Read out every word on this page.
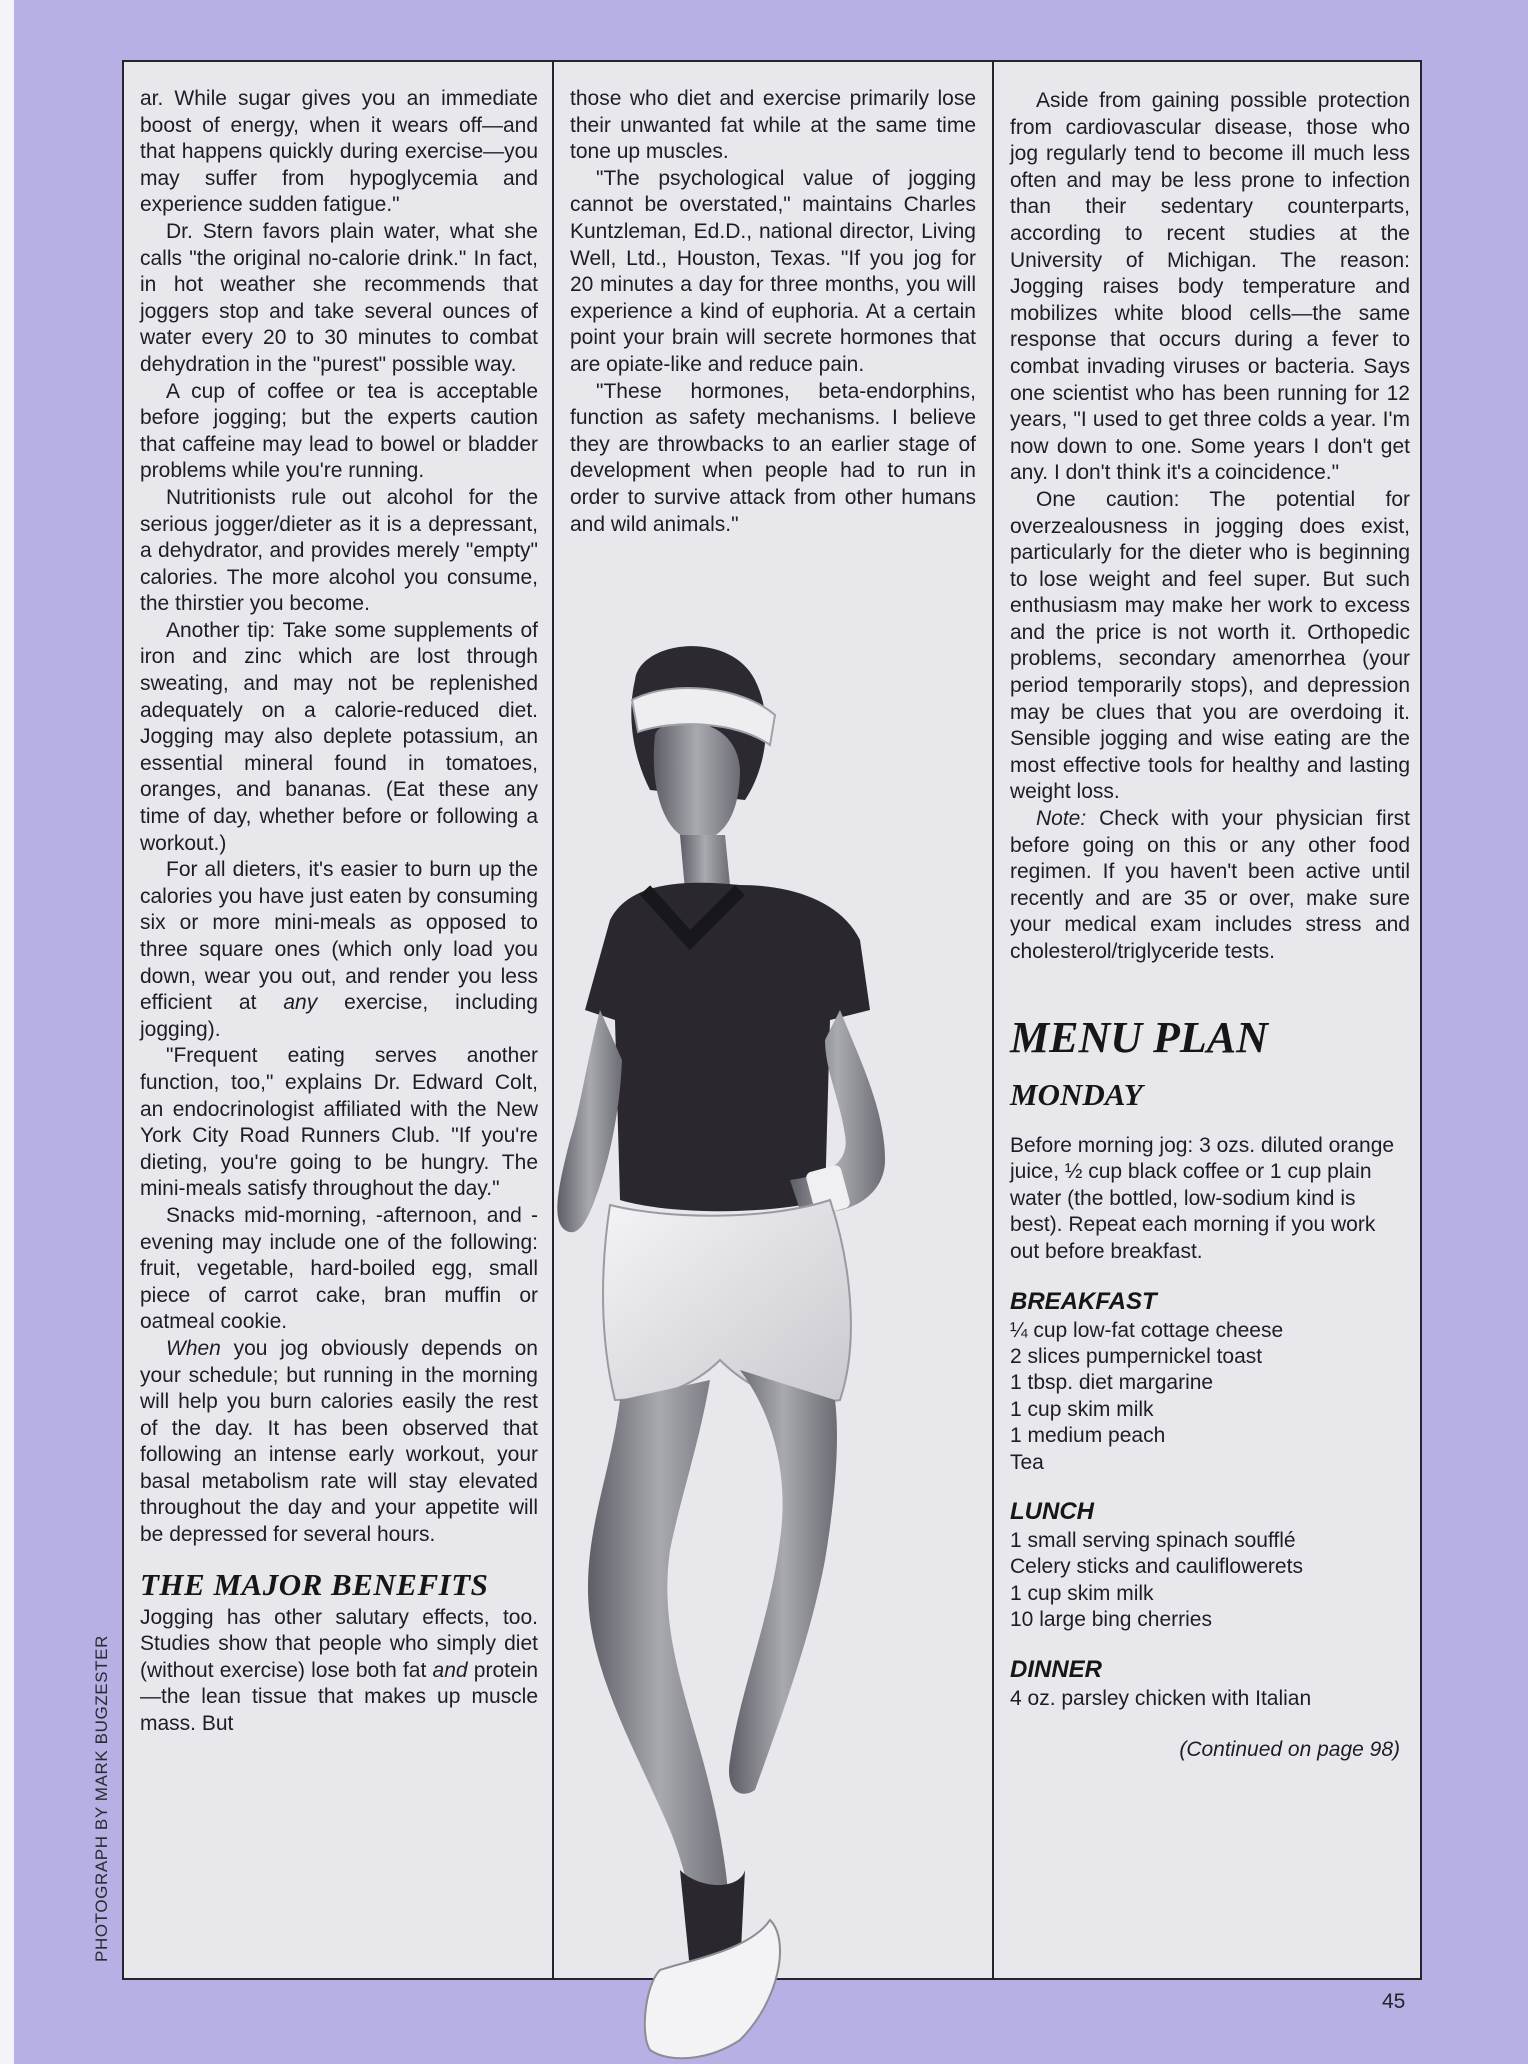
ar. While sugar gives you an immediate boost of energy, when it wears off—and that happens quickly during exercise—you may suffer from hypoglycemia and experience sudden fatigue."

Dr. Stern favors plain water, what she calls "the original no-calorie drink." In fact, in hot weather she recommends that joggers stop and take several ounces of water every 20 to 30 minutes to combat dehydration in the "purest" possible way.

A cup of coffee or tea is acceptable before jogging; but the experts caution that caffeine may lead to bowel or bladder problems while you're running.

Nutritionists rule out alcohol for the serious jogger/dieter as it is a depressant, a dehydrator, and provides merely "empty" calories. The more alcohol you consume, the thirstier you become.

Another tip: Take some supplements of iron and zinc which are lost through sweating, and may not be replenished adequately on a calorie-reduced diet. Jogging may also deplete potassium, an essential mineral found in tomatoes, oranges, and bananas. (Eat these any time of day, whether before or following a workout.)

For all dieters, it's easier to burn up the calories you have just eaten by consuming six or more mini-meals as opposed to three square ones (which only load you down, wear you out, and render you less efficient at any exercise, including jogging).

"Frequent eating serves another function, too," explains Dr. Edward Colt, an endocrinologist affiliated with the New York City Road Runners Club. "If you're dieting, you're going to be hungry. The mini-meals satisfy throughout the day."

Snacks mid-morning, -afternoon, and -evening may include one of the following: fruit, vegetable, hard-boiled egg, small piece of carrot cake, bran muffin or oatmeal cookie.

When you jog obviously depends on your schedule; but running in the morning will help you burn calories easily the rest of the day. It has been observed that following an intense early workout, your basal metabolism rate will stay elevated throughout the day and your appetite will be depressed for several hours.

THE MAJOR BENEFITS

Jogging has other salutary effects, too. Studies show that people who simply diet (without exercise) lose both fat and protein—the lean tissue that makes up muscle mass. But

those who diet and exercise primarily lose their unwanted fat while at the same time tone up muscles.

"The psychological value of jogging cannot be overstated," maintains Charles Kuntzleman, Ed.D., national director, Living Well, Ltd., Houston, Texas. "If you jog for 20 minutes a day for three months, you will experience a kind of euphoria. At a certain point your brain will secrete hormones that are opiate-like and reduce pain.

"These hormones, beta-endorphins, function as safety mechanisms. I believe they are throwbacks to an earlier stage of development when people had to run in order to survive attack from other humans and wild animals."

Aside from gaining possible protection from cardiovascular disease, those who jog regularly tend to become ill much less often and may be less prone to infection than their sedentary counterparts, according to recent studies at the University of Michigan. The reason: Jogging raises body temperature and mobilizes white blood cells—the same response that occurs during a fever to combat invading viruses or bacteria. Says one scientist who has been running for 12 years, "I used to get three colds a year. I'm now down to one. Some years I don't get any. I don't think it's a coincidence."

One caution: The potential for overzealousness in jogging does exist, particularly for the dieter who is beginning to lose weight and feel super. But such enthusiasm may make her work to excess and the price is not worth it. Orthopedic problems, secondary amenorrhea (your period temporarily stops), and depression may be clues that you are overdoing it. Sensible jogging and wise eating are the most effective tools for healthy and lasting weight loss.

Note: Check with your physician first before going on this or any other food regimen. If you haven't been active until recently and are 35 or over, make sure your medical exam includes stress and cholesterol/triglyceride tests.

MENU PLAN
MONDAY

Before morning jog: 3 ozs. diluted orange juice, ½ cup black coffee or 1 cup plain water (the bottled, low-sodium kind is best). Repeat each morning if you work out before breakfast.

BREAKFAST

¼ cup low-fat cottage cheese

2 slices pumpernickel toast

1 tbsp. diet margarine

1 cup skim milk

1 medium peach

Tea

LUNCH

1 small serving spinach soufflé

Celery sticks and cauliflowerets

1 cup skim milk

10 large bing cherries

DINNER

4 oz. parsley chicken with Italian

(Continued on page 98)

PHOTOGRAPH BY MARK BUGZESTER
45
